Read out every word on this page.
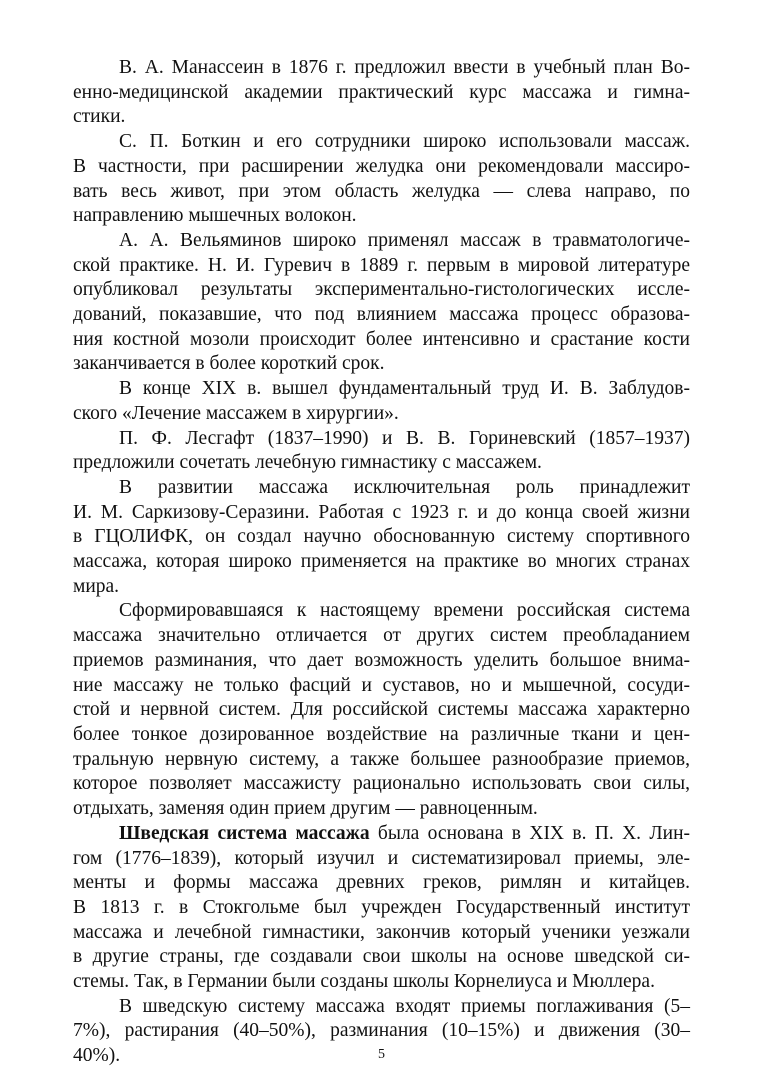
В. А. Манассеин в 1876 г. предложил ввести в учебный план Во-
енно-медицинской академии практический курс массажа и гимна-
стики.

С. П. Боткин и его сотрудники широко использовали массаж.
В частности, при расширении желудка они рекомендовали массиро-
вать весь живот, при этом область желудка — слева направо, по
направлению мышечных волокон.

А. А. Вельяминов широко применял массаж в травматологиче-
ской практике. Н. И. Гуревич в 1889 г. первым в мировой литературе
опубликовал результаты экспериментально-гистологических иссле-
дований, показавшие, что под влиянием массажа процесс образова-
ния костной мозоли происходит более интенсивно и срастание кости
заканчивается в более короткий срок.

В конце XIX в. вышел фундаментальный труд И. В. Заблудов-
ского «Лечение массажем в хирургии».

П. Ф. Лесгафт (1837–1990) и В. В. Гориневский (1857–1937)
предложили сочетать лечебную гимнастику с массажем.

В развитии массажа исключительная роль принадлежит
И. М. Саркизову-Серазини. Работая с 1923 г. и до конца своей жизни
в ГЦОЛИФК, он создал научно обоснованную систему спортивного
массажа, которая широко применяется на практике во многих странах
мира.

Сформировавшаяся к настоящему времени российская система
массажа значительно отличается от других систем преобладанием
приемов разминания, что дает возможность уделить большое внима-
ние массажу не только фасций и суставов, но и мышечной, сосуди-
стой и нервной систем. Для российской системы массажа характерно
более тонкое дозированное воздействие на различные ткани и цен-
тральную нервную систему, а также большее разнообразие приемов,
которое позволяет массажисту рационально использовать свои силы,
отдыхать, заменяя один прием другим — равноценным.

Шведская система массажа была основана в XIX в. П. Х. Лин-
гом (1776–1839), который изучил и систематизировал приемы, эле-
менты и формы массажа древних греков, римлян и китайцев.
В 1813 г. в Стокгольме был учрежден Государственный институт
массажа и лечебной гимнастики, закончив который ученики уезжали
в другие страны, где создавали свои школы на основе шведской си-
стемы. Так, в Германии были созданы школы Корнелиуса и Мюллера.

В шведскую систему массажа входят приемы поглаживания (5–
7%), растирания (40–50%), разминания (10–15%) и движения (30–
40%).	5
